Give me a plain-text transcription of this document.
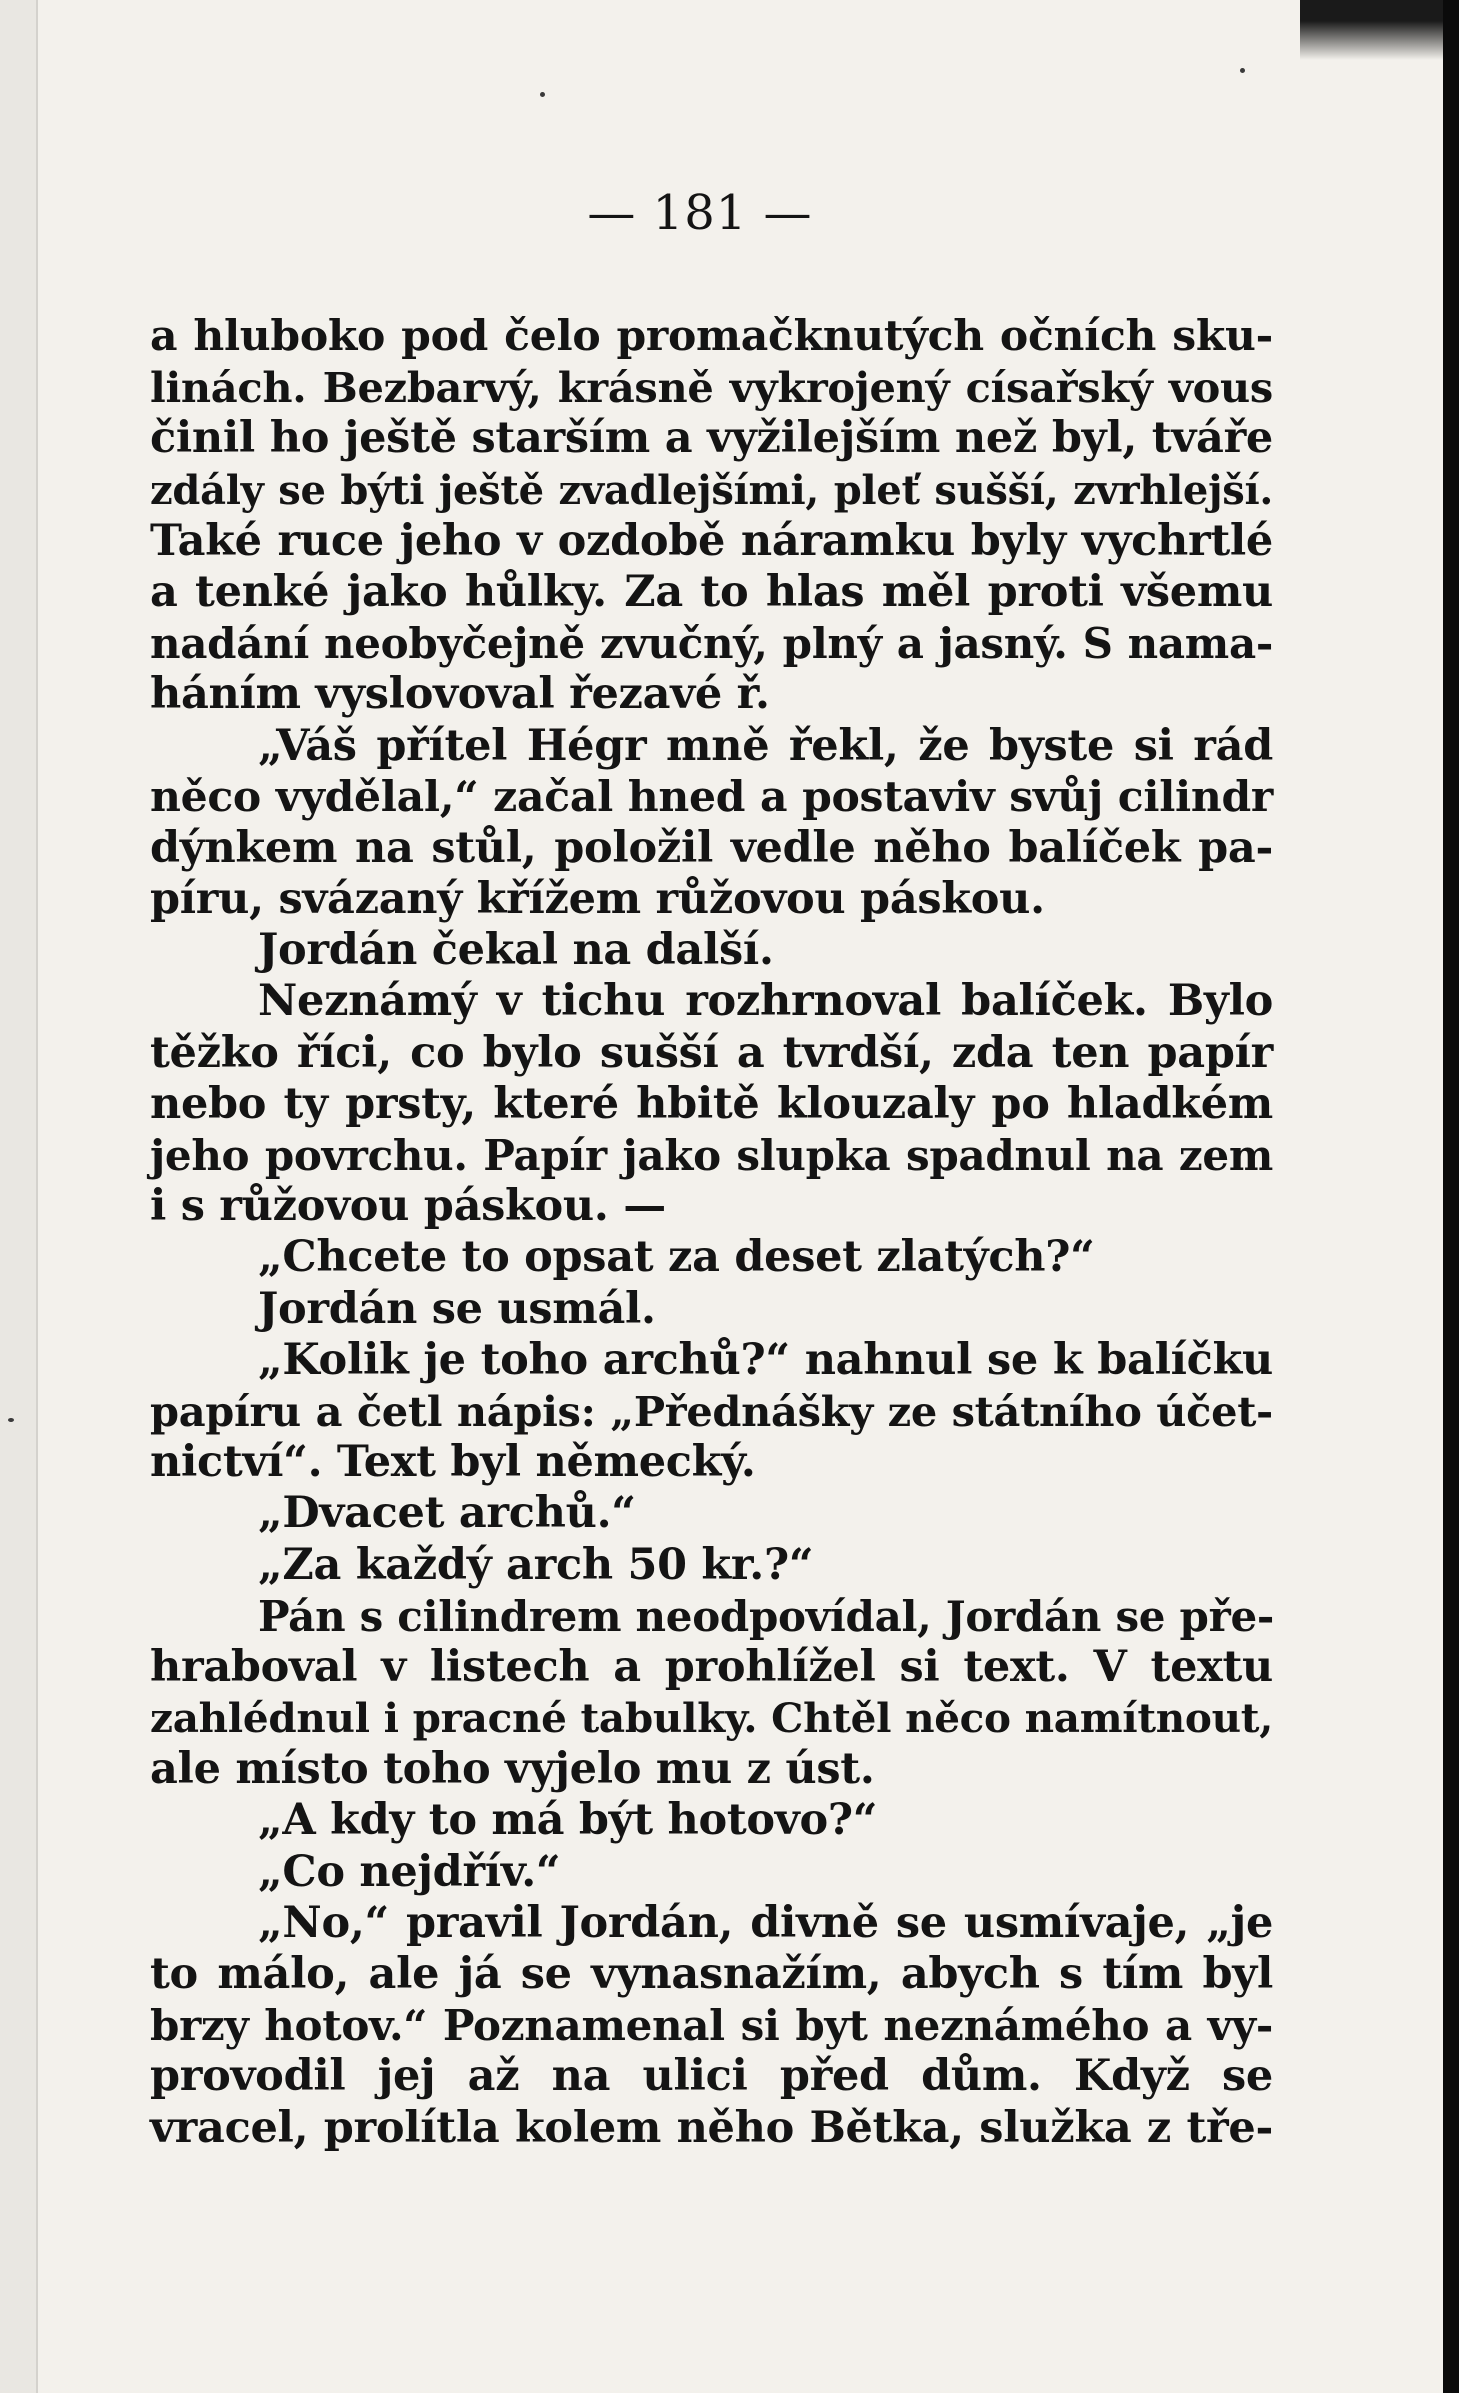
— 181 —
a hluboko pod čelo promačknutých očních sku-
linách. Bezbarvý, krásně vykrojený císařský vous
činil ho ještě starším a vyžilejším než byl, tváře
zdály se býti ještě zvadlejšími, pleť sušší, zvrhlejší.
Také ruce jeho v ozdobě náramku byly vychrtlé
a tenké jako hůlky. Za to hlas měl proti všemu
nadání neobyčejně zvučný, plný a jasný. S nama-
háním vyslovoval řezavé ř.
„Váš přítel Hégr mně řekl, že byste si rád
něco vydělal,“ začal hned a postaviv svůj cilindr
dýnkem na stůl, položil vedle něho balíček pa-
píru, svázaný křížem růžovou páskou.
Jordán čekal na další.
Neznámý v tichu rozhrnoval balíček. Bylo
těžko říci, co bylo sušší a tvrdší, zda ten papír
nebo ty prsty, které hbitě klouzaly po hladkém
jeho povrchu. Papír jako slupka spadnul na zem
i s růžovou páskou. —
„Chcete to opsat za deset zlatých?“
Jordán se usmál.
„Kolik je toho archů?“ nahnul se k balíčku
papíru a četl nápis: „Přednášky ze státního účet-
nictví“. Text byl německý.
„Dvacet archů.“
„Za každý arch 50 kr.?“
Pán s cilindrem neodpovídal, Jordán se pře-
hraboval v listech a prohlížel si text. V textu
zahlédnul i pracné tabulky. Chtěl něco namítnout,
ale místo toho vyjelo mu z úst.
„A kdy to má být hotovo?“
„Co nejdřív.“
„No,“ pravil Jordán, divně se usmívaje, „je
to málo, ale já se vynasnažím, abych s tím byl
brzy hotov.“ Poznamenal si byt neznámého a vy-
provodil jej až na ulici před dům. Když se
vracel, prolítla kolem něho Bětka, služka z tře-
